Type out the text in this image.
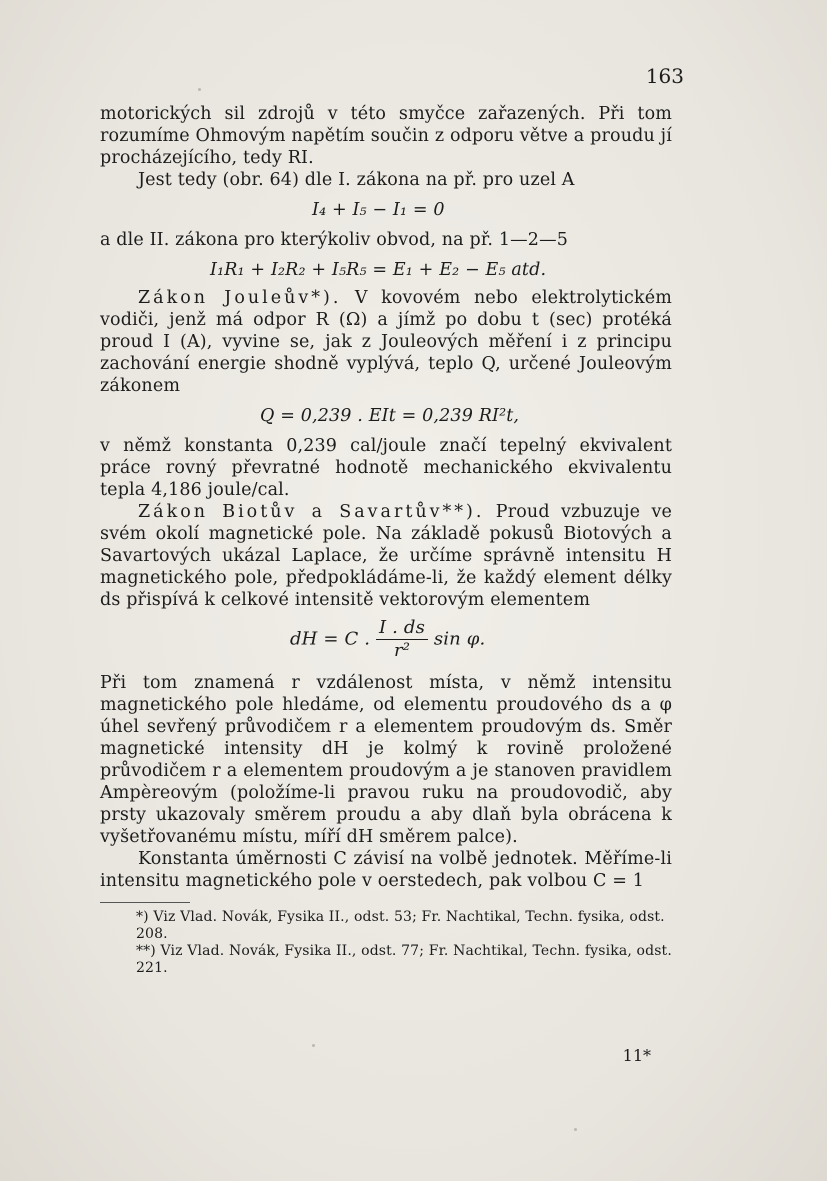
163

motorických sil zdrojů v této smyčce zařazených. Při tom rozumíme Ohmovým napětím součin z odporu větve a proudu jí procházejícího, tedy RI.

Jest tedy (obr. 64) dle I. zákona na př. pro uzel A

I₄ + I₅ − I₁ = 0

a dle II. zákona pro kterýkoliv obvod, na př. 1—2—5

I₁R₁ + I₂R₂ + I₅R₅ = E₁ + E₂ − E₅ atd.

Zákon Jouleův*). V kovovém nebo elektrolytickém vodiči, jenž má odpor R (Ω) a jímž po dobu t (sec) protéká proud I (A), vyvine se, jak z Jouleových měření i z principu zachování energie shodně vyplývá, teplo Q, určené Jouleovým zákonem

Q = 0,239 . EIt = 0,239 RI²t,

v němž konstanta 0,239 cal/joule značí tepelný ekvivalent práce rovný převratné hodnotě mechanického ekvivalentu tepla 4,186 joule/cal.

Zákon Biotův a Savartův**). Proud vzbuzuje ve svém okolí magnetické pole. Na základě pokusů Biotových a Savartových ukázal Laplace, že určíme správně intensitu H magnetického pole, předpokládáme-li, že každý element délky ds přispívá k celkové intensitě vektorovým elementem

dH = C . $\frac{I . ds}{\text{r²}}$ sin φ.

Při tom znamená r vzdálenost místa, v němž intensitu magnetického pole hledáme, od elementu proudového ds a φ úhel sevřený průvodičem r a elementem proudovým ds. Směr magnetické intensity dH je kolmý k rovině proložené průvodičem r a elementem proudovým a je stanoven pravidlem Ampèreovým (položíme-li pravou ruku na proudovodič, aby prsty ukazovaly směrem proudu a aby dlaň byla obrácena k vyšetřovanému místu, míří dH směrem palce).

Konstanta úměrnosti C závisí na volbě jednotek. Měříme-li intensitu magnetického pole v oerstedech, pak volbou C = 1

*) Viz Vlad. Novák, Fysika II., odst. 53; Fr. Nachtikal, Techn. fysika, odst. 208.

**) Viz Vlad. Novák, Fysika II., odst. 77; Fr. Nachtikal, Techn. fysika, odst. 221.

11*
